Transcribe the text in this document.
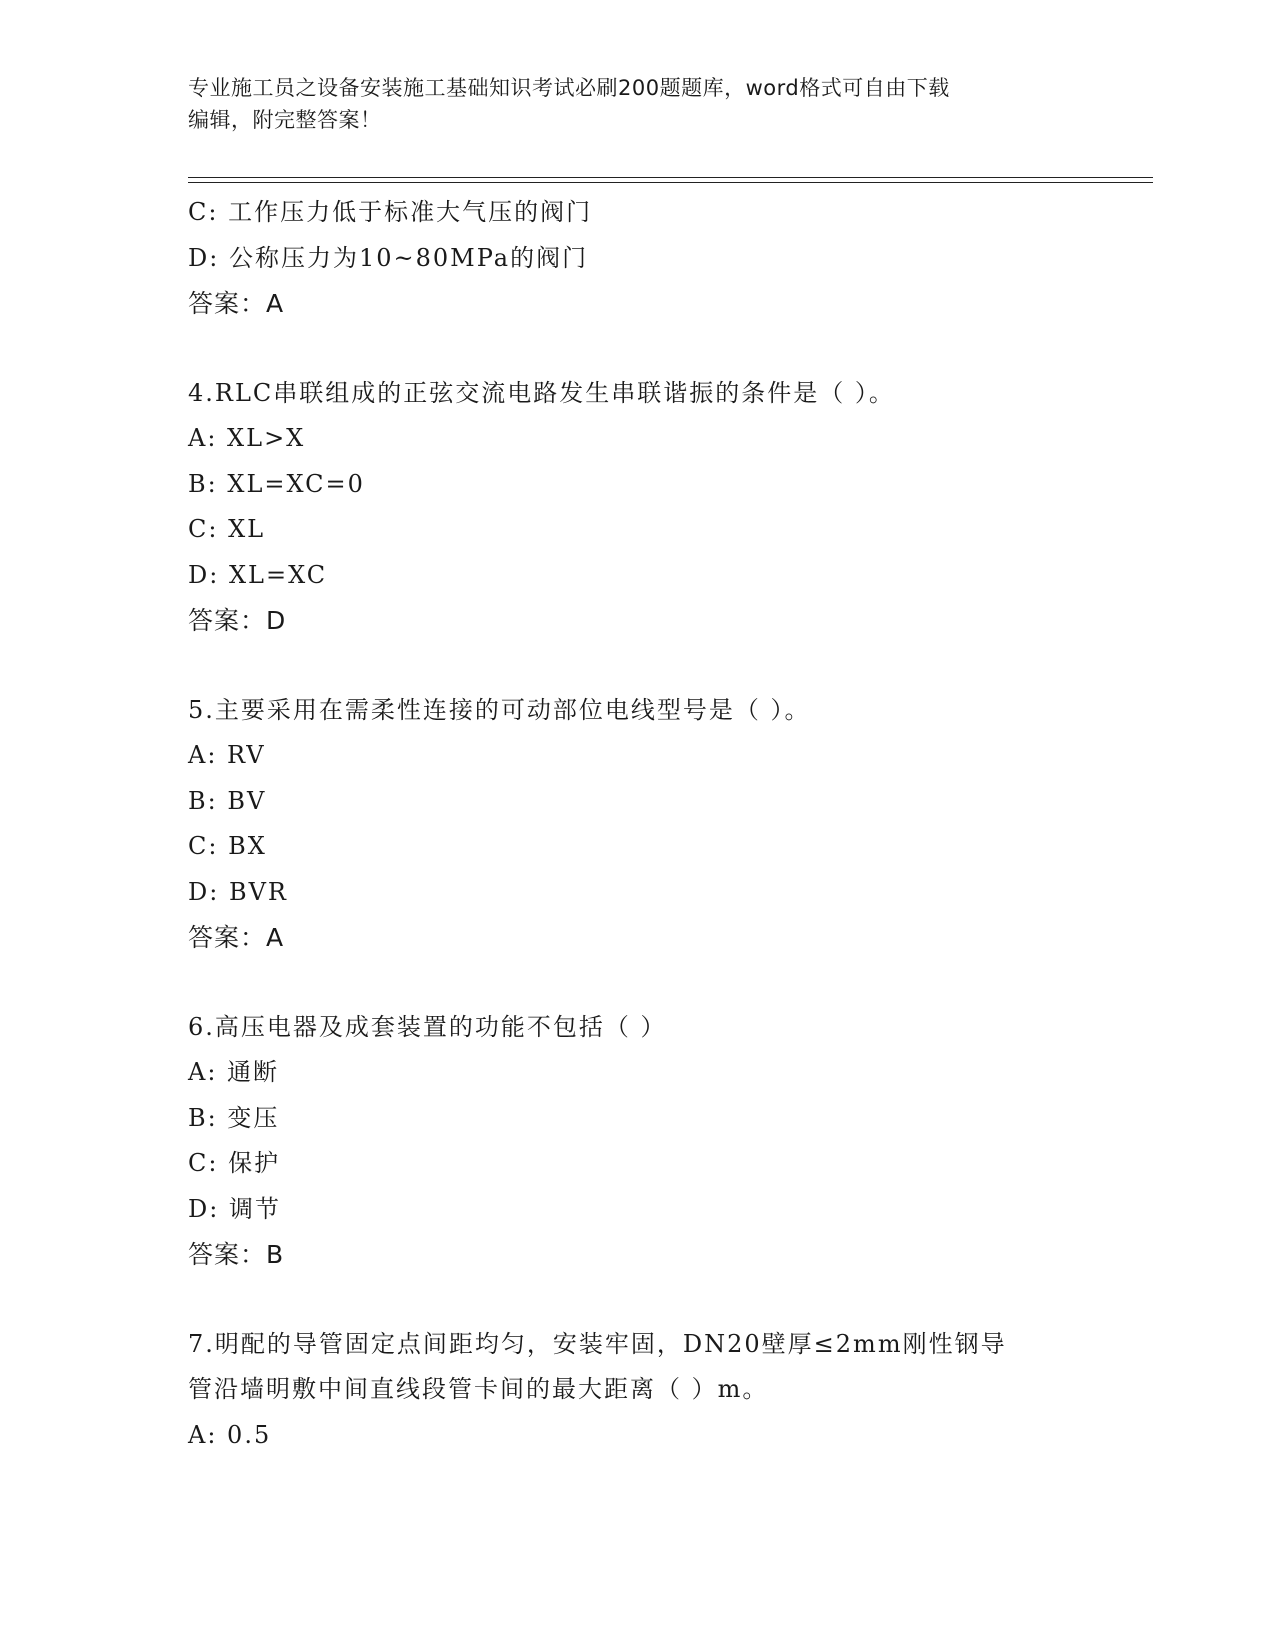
专业施工员之设备安装施工基础知识考试必刷200题题库，word格式可自由下载
编辑，附完整答案！
C: 工作压力低于标准大气压的阀门
D: 公称压力为10~80MPa的阀门
答案：A
4.RLC串联组成的正弦交流电路发生串联谐振的条件是（ ）。
A: XL>X
B: XL=XC=0
C: XL
D: XL=XC
答案：D
5.主要采用在需柔性连接的可动部位电线型号是（ ）。
A: RV
B: BV
C: BX
D: BVR
答案：A
6.高压电器及成套装置的功能不包括（ ）
A: 通断
B: 变压
C: 保护
D: 调节
答案：B
7.明配的导管固定点间距均匀，安装牢固，DN20壁厚≤2mm刚性钢导
管沿墙明敷中间直线段管卡间的最大距离（ ）m。
A: 0.5
